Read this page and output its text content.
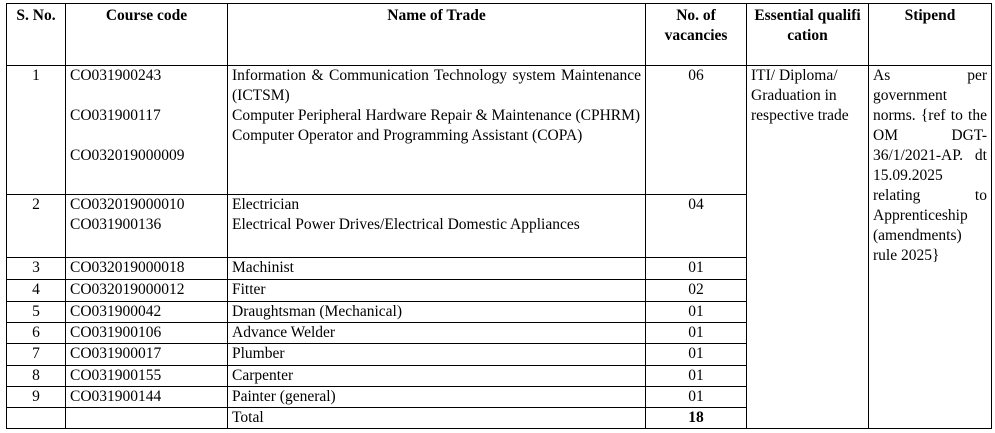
S. No.	Course code	Name of Trade	No. of vacancies	Essential qualification	Stipend
1	CO031900243

CO031900117

CO032019000009	Information & Communication Technology system Maintenance (ICTSM)
Computer Peripheral Hardware Repair & Maintenance (CPHRM)
Computer Operator and Programming Assistant (COPA)	06	ITI/ Diploma/ Graduation in respective trade	As per government norms. {ref to the OM DGT-36/1/2021-AP. dt 15.09.2025 relating to Apprenticeship (amendments) rule 2025}
2	CO032019000010
CO031900136	Electrician
Electrical Power Drives/Electrical Domestic Appliances	04		
3	CO032019000018	Machinist	01		
4	CO032019000012	Fitter	02		
5	CO031900042	Draughtsman (Mechanical)	01		
6	CO031900106	Advance Welder	01		
7	CO031900017	Plumber	01		
8	CO031900155	Carpenter	01		
9	CO031900144	Painter (general)	01		
		Total	18		
